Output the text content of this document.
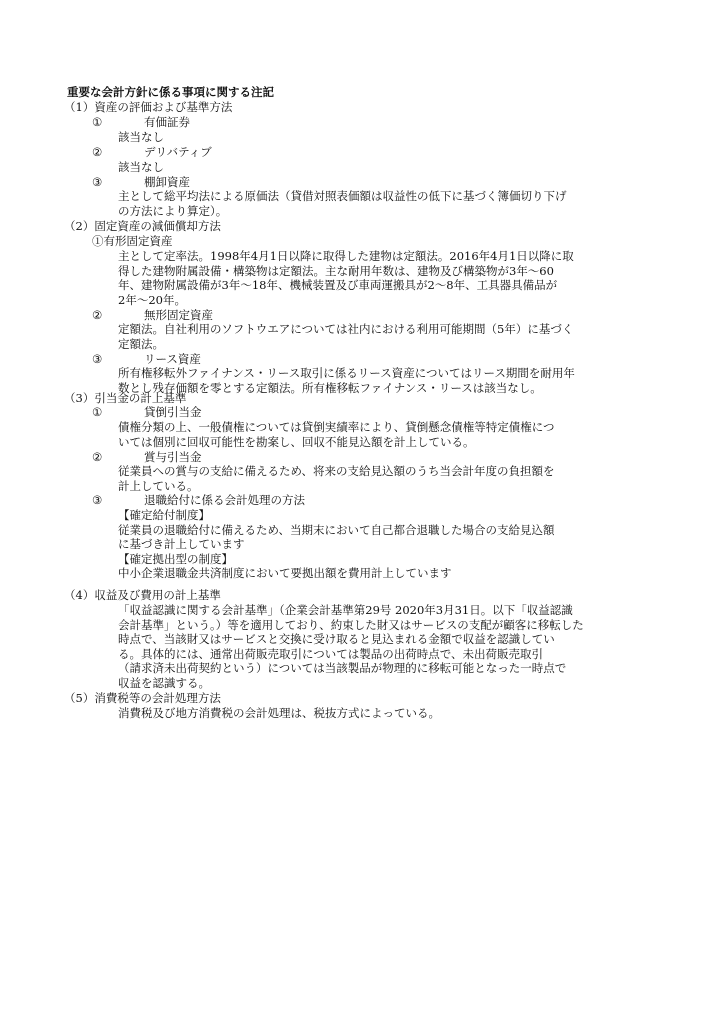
重要な会計方針に係る事項に関する注記
（1）資産の評価および基準方法
①	有価証券
該当なし
②	デリバティブ
該当なし
③	棚卸資産
主として総平均法による原価法（貸借対照表価額は収益性の低下に基づく簿価切り下げ
の方法により算定）。
（2）固定資産の減価償却方法
①有形固定資産
主として定率法。1998年4月1日以降に取得した建物は定額法。2016年4月1日以降に取
得した建物附属設備・構築物は定額法。主な耐用年数は、建物及び構築物が3年〜60
年、建物附属設備が3年〜18年、機械装置及び車両運搬具が2〜8年、工具器具備品が
2年〜20年。
②	無形固定資産
定額法。自社利用のソフトウエアについては社内における利用可能期間（5年）に基づく
定額法。
③	リース資産
所有権移転外ファイナンス・リース取引に係るリース資産についてはリース期間を耐用年
数とし残存価額を零とする定額法。所有権移転ファイナンス・リースは該当なし。
（3）引当金の計上基準
①	貸倒引当金
債権分類の上、一般債権については貸倒実績率により、貸倒懸念債権等特定債権につ
いては個別に回収可能性を勘案し、回収不能見込額を計上している。
②	賞与引当金
従業員への賞与の支給に備えるため、将来の支給見込額のうち当会計年度の負担額を
計上している。
③	退職給付に係る会計処理の方法
【確定給付制度】
従業員の退職給付に備えるため、当期末において自己都合退職した場合の支給見込額
に基づき計上しています
【確定拠出型の制度】
中小企業退職金共済制度において要拠出額を費用計上しています
（4）収益及び費用の計上基準
「収益認識に関する会計基準」（企業会計基準第29号 2020年3月31日。以下「収益認識
会計基準」という。）等を適用しており、約束した財又はサービスの支配が顧客に移転した
時点で、当該財又はサービスと交換に受け取ると見込まれる金額で収益を認識してい
る。具体的には、通常出荷販売取引については製品の出荷時点で、未出荷販売取引
（請求済未出荷契約という）については当該製品が物理的に移転可能となった一時点で
収益を認識する。
（5）消費税等の会計処理方法
消費税及び地方消費税の会計処理は、税抜方式によっている。
